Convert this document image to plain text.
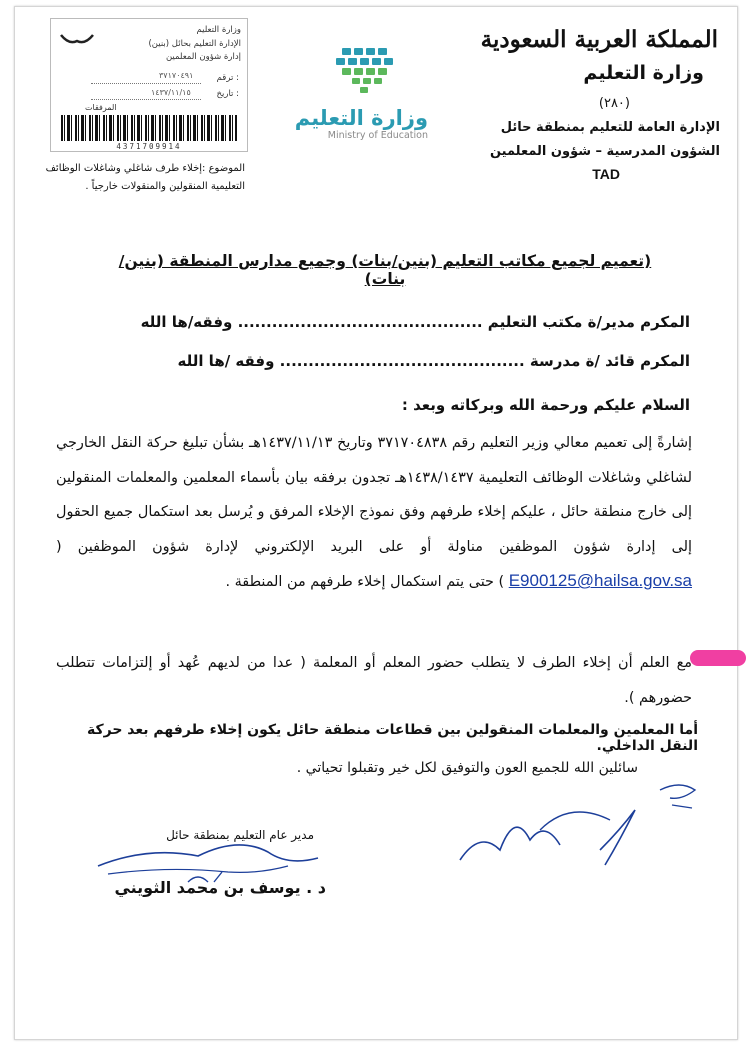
وزارة التعليم
الإدارة التعليم بحائل (بنين)
إدارة شؤون المعلمين
ترقم :
٣٧١٧٠٤٩١
تاريخ :
١٤٣٧/١١/١٥
المرفقات
4371709914
الموضوع :إخلاء طرف شاغلي وشاغلات الوظائف
التعليمية المنقولين والمنقولات خارجياً .
وزارة التعليم
Ministry of Education
المملكة العربية السعودية
وزارة التعليم
(٢٨٠)
الإدارة العامة للتعليم بمنطقة حائل
الشؤون المدرسية – شؤون المعلمين
TAD
(تعميم لجميع مكاتب التعليم (بنين/بنات) وجميع مدارس المنطقة (بنين/بنات)
المكرم مدير/ة مكتب التعليم ........................................... وفقه/ها الله
المكرم قائد /ة مدرسة ........................................... وفقه /ها الله
السلام عليكم ورحمة الله وبركاته وبعد :
إشارةً إلى تعميم معالي وزير التعليم رقم ٣٧١٧٠٤٨٣٨ وتاريخ ١٤٣٧/١١/١٣هـ بشأن تبليغ حركة النقل الخارجي لشاغلي وشاغلات الوظائف التعليمية ١٤٣٨/١٤٣٧هـ تجدون برفقه بيان بأسماء المعلمين والمعلمات المنقولين إلى خارج منطقة حائل ، عليكم إخلاء طرفهم وفق نموذج الإخلاء المرفق و يُرسل بعد استكمال جميع الحقول إلى إدارة شؤون الموظفين مناولة أو على البريد الإلكتروني لإدارة شؤون الموظفين ( E900125@hailsa.gov.sa ) حتى يتم استكمال إخلاء طرفهم من المنطقة .
مع العلم أن إخلاء الطرف لا يتطلب حضور المعلم أو المعلمة ( عدا من لديهم عُهد أو إلتزامات تتطلب حضورهم ).
أما المعلمين والمعلمات المنقولين بين قطاعات منطقة حائل يكون إخلاء طرفهم بعد حركة النقل الداخلي.
سائلين الله للجميع العون والتوفيق لكل خير وتقبلوا تحياتي .
مدير عام التعليم بمنطقة حائل
د . يوسف بن محمد الثويني
